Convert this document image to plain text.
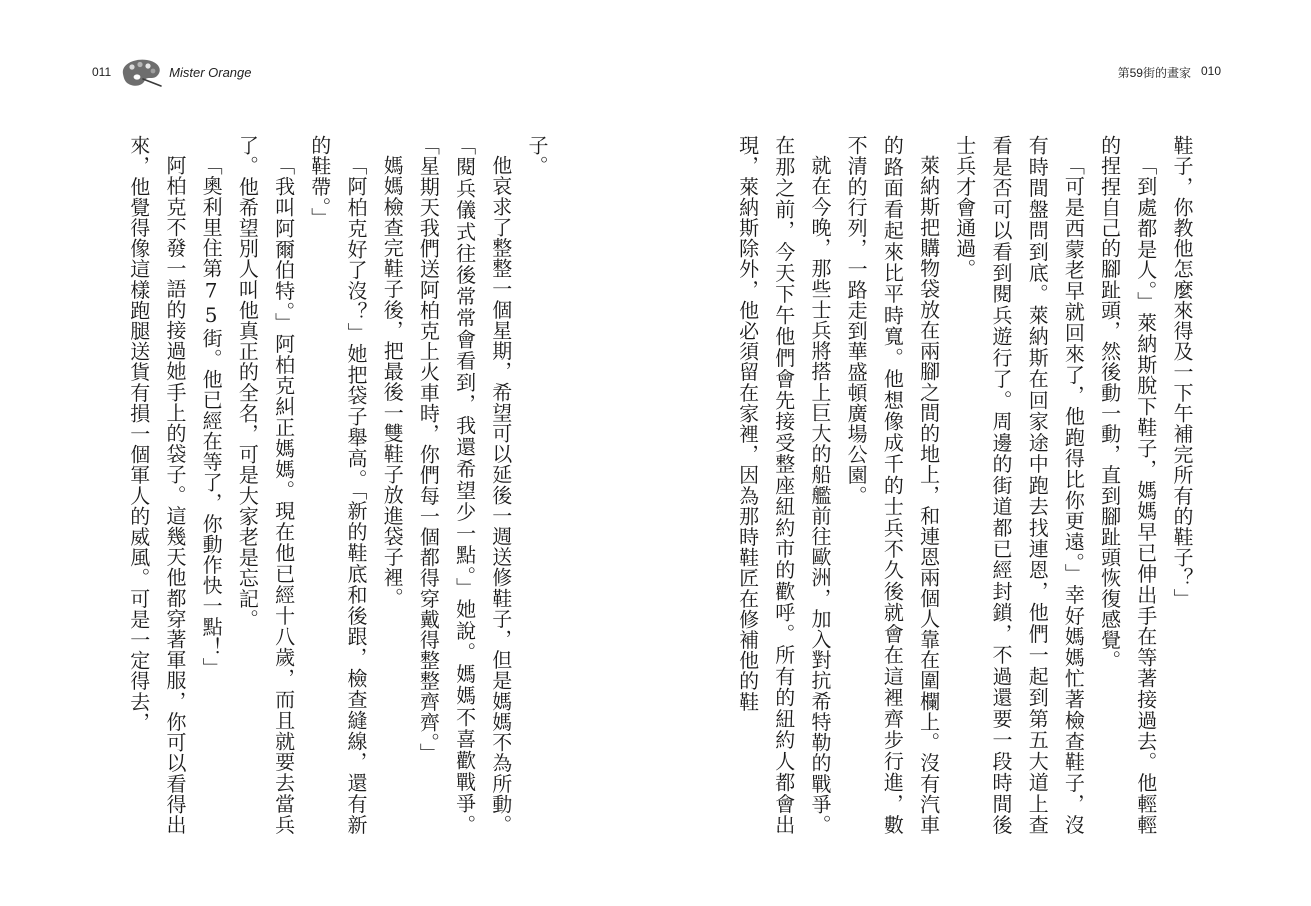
011	Mister Orange	第59街的畫家 010

鞋子，你教他怎麼來得及一下午補完所有的鞋子？」

「到處都是人。」萊納斯脫下鞋子，媽媽早已伸出手在等著接過去。他輕輕的捏捏自己的腳趾頭，然後動一動，直到腳趾頭恢復感覺。

「可是西蒙老早就回來了，他跑得比你更遠。」幸好媽媽忙著檢查鞋子，沒有時間盤問到底。萊納斯在回家途中跑去找連恩，他們一起到第五大道上查看是否可以看到閱兵遊行了。周邊的街道都已經封鎖，不過還要一段時間後士兵才會通過。

萊納斯把購物袋放在兩腳之間的地上，和連恩兩個人靠在圍欄上。沒有汽車的路面看起來比平時寬。他想像成千的士兵不久後就會在這裡齊步行進，數不清的行列，一路走到華盛頓廣場公園。

就在今晚，那些士兵將搭上巨大的船艦前往歐洲，加入對抗希特勒的戰爭。在那之前，今天下午他們會先接受整座紐約市的歡呼。所有的紐約人都會出現，萊納斯除外，他必須留在家裡，因為那時鞋匠在修補他的鞋

子。

他哀求了整整一個星期，希望可以延後一週送修鞋子，但是媽媽不為所動。「閱兵儀式往後常常會看到，我還希望少一點。」她說。媽媽不喜歡戰爭。「星期天我們送阿柏克上火車時，你們每一個都得穿戴得整整齊齊。」

媽媽檢查完鞋子後，把最後一雙鞋子放進袋子裡。

「阿柏克好了沒？」她把袋子舉高。「新的鞋底和後跟，檢查縫線，還有新的鞋帶。」

「我叫阿爾伯特。」阿柏克糾正媽媽。現在他已經十八歲，而且就要去當兵了。他希望別人叫他真正的全名，可是大家老是忘記。

「奧利里住第75街。他已經在等了，你動作快一點！」

阿柏克不發一語的接過她手上的袋子。這幾天他都穿著軍服，你可以看得出來，他覺得像這樣跑腿送貨有損一個軍人的威風。可是一定得去，
